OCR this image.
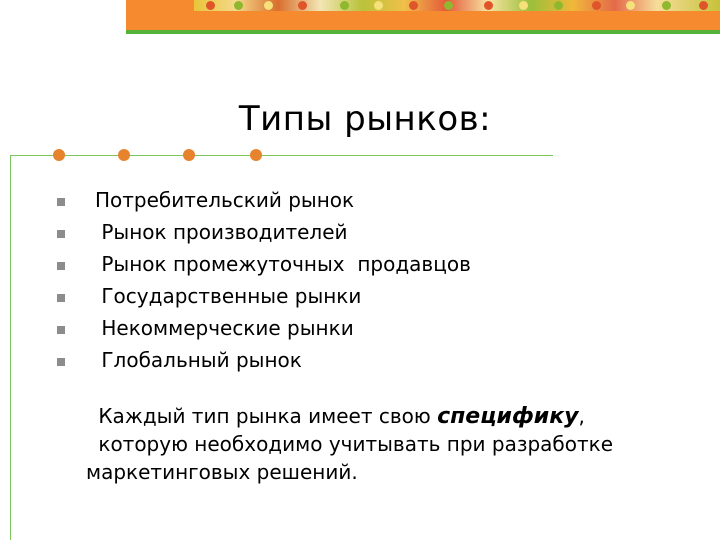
Типы рынков:
Потребительский рынок
Рынок производителей
Рынок промежуточных  продавцов
Государственные рынки
Некоммерческие рынки
Глобальный рынок
Каждый тип рынка имеет свою специфику,
которую необходимо учитывать при разработке
маркетинговых решений.
